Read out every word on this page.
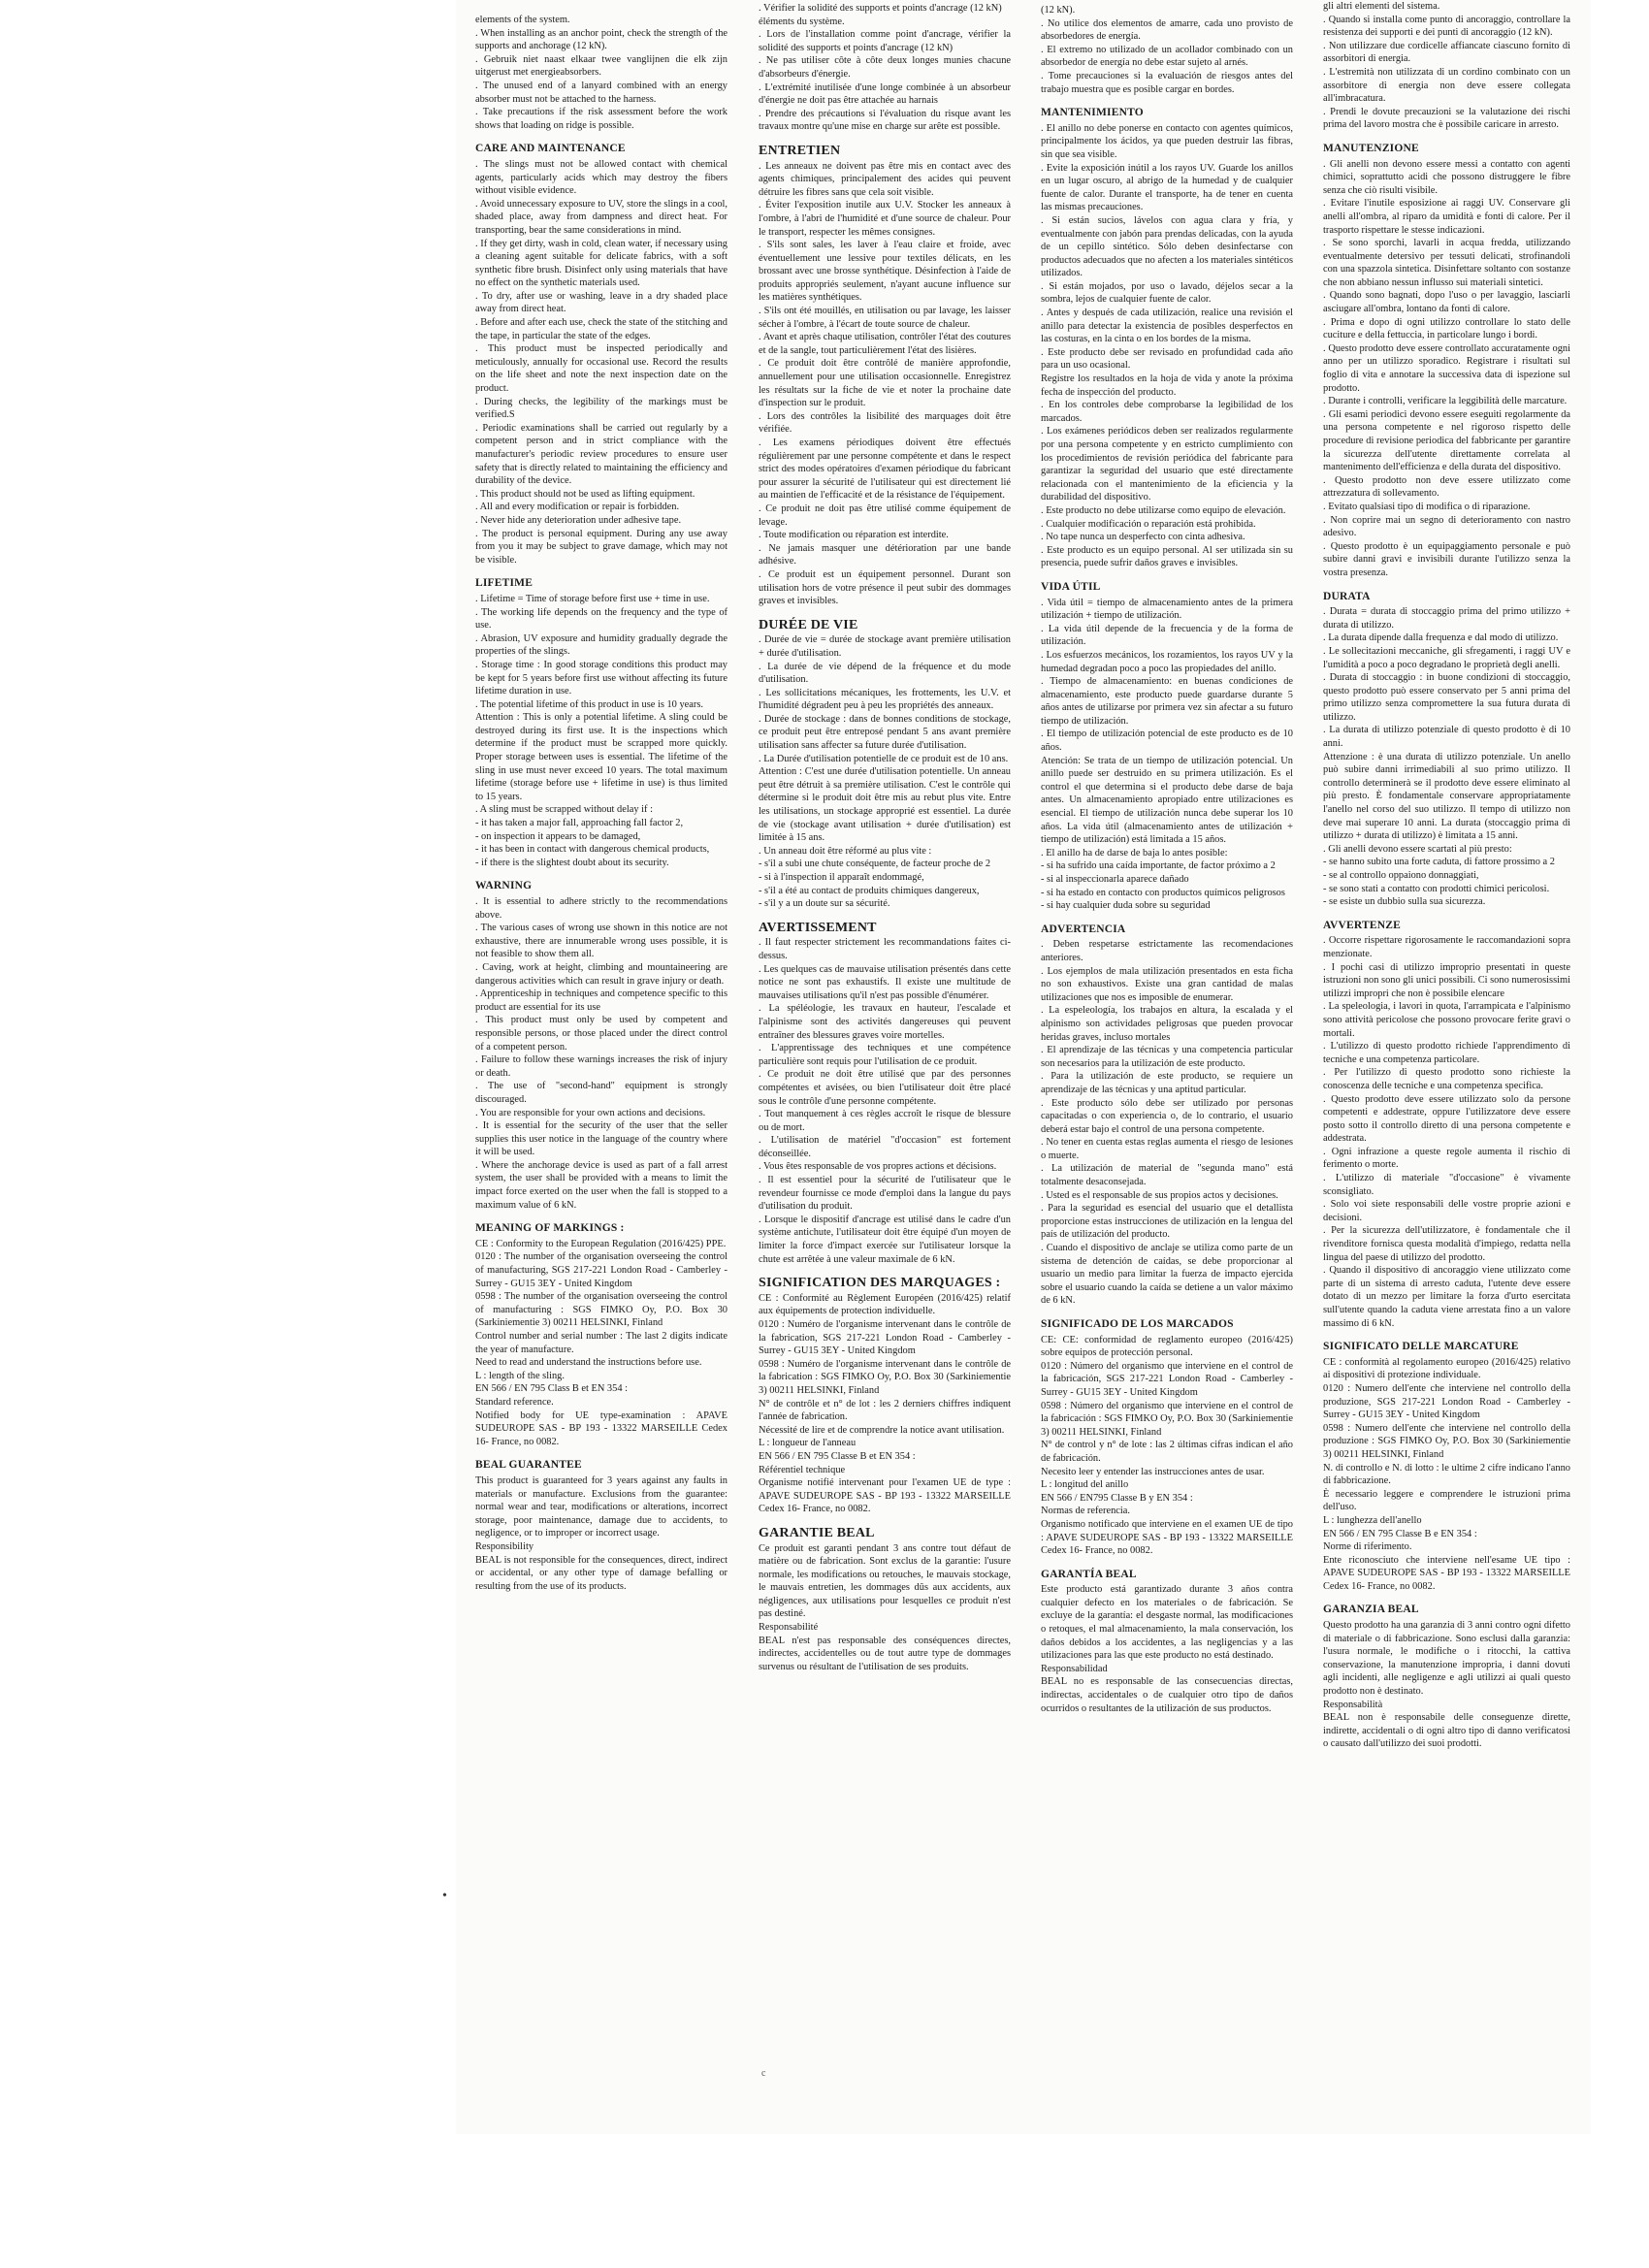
elements of the system.

. When installing as an anchor point, check the strength of the supports and anchorage (12 kN).

. Gebruik niet naast elkaar twee vanglijnen die elk zijn uitgerust met energieabsorbers.

. The unused end of a lanyard combined with an energy absorber must not be attached to the harness.

. Take precautions if the risk assessment before the work shows that loading on ridge is possible.

CARE AND MAINTENANCE

. The slings must not be allowed contact with chemical agents, particularly acids which may destroy the fibers without visible evidence.

. Avoid unnecessary exposure to UV, store the slings in a cool, shaded place, away from dampness and direct heat. For transporting, bear the same considerations in mind.

. If they get dirty, wash in cold, clean water, if necessary using a cleaning agent suitable for delicate fabrics, with a soft synthetic fibre brush. Disinfect only using materials that have no effect on the synthetic materials used.

. To dry, after use or washing, leave in a dry shaded place away from direct heat.

. Before and after each use, check the state of the stitching and the tape, in particular the state of the edges.

. This product must be inspected periodically and meticulously, annually for occasional use. Record the results on the life sheet and note the next inspection date on the product.

. During checks, the legibility of the markings must be verified.S

. Periodic examinations shall be carried out regularly by a competent person and in strict compliance with the manufacturer's periodic review procedures to ensure user safety that is directly related to maintaining the efficiency and durability of the device.

. This product should not be used as lifting equipment.

. All and every modification or repair is forbidden.

. Never hide any deterioration under adhesive tape.

. The product is personal equipment. During any use away from you it may be subject to grave damage, which may not be visible.

LIFETIME

. Lifetime = Time of storage before first use + time in use.

. The working life depends on the frequency and the type of use.

. Abrasion, UV exposure and humidity gradually degrade the properties of the slings.

. Storage time : In good storage conditions this product may be kept for 5 years before first use without affecting its future lifetime duration in use.

. The potential lifetime of this product in use is 10 years.

Attention : This is only a potential lifetime. A sling could be destroyed during its first use. It is the inspections which determine if the product must be scrapped more quickly. Proper storage between uses is essential. The lifetime of the sling in use must never exceed 10 years. The total maximum lifetime (storage before use + lifetime in use) is thus limited to 15 years.

. A sling must be scrapped without delay if :

- it has taken a major fall, approaching fall factor 2,

- on inspection it appears to be damaged,

- it has been in contact with dangerous chemical products,

- if there is the slightest doubt about its security.

WARNING

. It is essential to adhere strictly to the recommendations above.

. The various cases of wrong use shown in this notice are not exhaustive, there are innumerable wrong uses possible, it is not feasible to show them all.

. Caving, work at height, climbing and mountaineering are dangerous activities which can result in grave injury or death.

. Apprenticeship in techniques and competence specific to this product are essential for its use

. This product must only be used by competent and responsible persons, or those placed under the direct control of a competent person.

. Failure to follow these warnings increases the risk of injury or death.

. The use of "second-hand" equipment is strongly discouraged.

. You are responsible for your own actions and decisions.

. It is essential for the security of the user that the seller supplies this user notice in the language of the country where it will be used.

. Where the anchorage device is used as part of a fall arrest system, the user shall be provided with a means to limit the impact force exerted on the user when the fall is stopped to a maximum value of 6 kN.

MEANING OF MARKINGS :

CE : Conformity to the European Regulation (2016/425) PPE.

0120 : The number of the organisation overseeing the control of manufacturing, SGS 217-221 London Road - Camberley - Surrey - GU15 3EY - United Kingdom

0598 : The number of the organisation overseeing the control of manufacturing : SGS FIMKO Oy, P.O. Box 30 (Sarkiniementie 3) 00211 HELSINKI, Finland

Control number and serial number : The last 2 digits indicate the year of manufacture.

Need to read and understand the instructions before use.

L : length of the sling.

EN 566 / EN 795 Class B et EN 354 :

Standard reference.

Notified body for UE type-examination : APAVE SUDEUROPE SAS - BP 193 - 13322 MARSEILLE Cedex 16- France, no 0082.

BEAL GUARANTEE

This product is guaranteed for 3 years against any faults in materials or manufacture. Exclusions from the guarantee: normal wear and tear, modifications or alterations, incorrect storage, poor maintenance, damage due to accidents, to negligence, or to improper or incorrect usage.

Responsibility

BEAL is not responsible for the consequences, direct, indirect or accidental, or any other type of damage befalling or resulting from the use of its products.

. Vérifier la solidité des supports et points d'ancrage (12 kN)

éléments du système.

. Lors de l'installation comme point d'ancrage, vérifier la solidité des supports et points d'ancrage (12 kN)

. Ne pas utiliser côte à côte deux longes munies chacune d'absorbeurs d'énergie.

. L'extrémité inutilisée d'une longe combinée à un absorbeur d'énergie ne doit pas être attachée au harnais

. Prendre des précautions si l'évaluation du risque avant les travaux montre qu'une mise en charge sur arête est possible.

ENTRETIEN

. Les anneaux ne doivent pas être mis en contact avec des agents chimiques, principalement des acides qui peuvent détruire les fibres sans que cela soit visible.

. Éviter l'exposition inutile aux U.V. Stocker les anneaux à l'ombre, à l'abri de l'humidité et d'une source de chaleur. Pour le transport, respecter les mêmes consignes.

. S'ils sont sales, les laver à l'eau claire et froide, avec éventuellement une lessive pour textiles délicats, en les brossant avec une brosse synthétique. Désinfection à l'aide de produits appropriés seulement, n'ayant aucune influence sur les matières synthétiques.

. S'ils ont été mouillés, en utilisation ou par lavage, les laisser sécher à l'ombre, à l'écart de toute source de chaleur.

. Avant et après chaque utilisation, contrôler l'état des coutures et de la sangle, tout particulièrement l'état des lisières.

. Ce produit doit être contrôlé de manière approfondie, annuellement pour une utilisation occasionnelle. Enregistrez les résultats sur la fiche de vie et noter la prochaine date d'inspection sur le produit.

. Lors des contrôles la lisibilité des marquages doit être vérifiée.

. Les examens périodiques doivent être effectués régulièrement par une personne compétente et dans le respect strict des modes opératoires d'examen périodique du fabricant pour assurer la sécurité de l'utilisateur qui est directement lié au maintien de l'efficacité et de la résistance de l'équipement.

. Ce produit ne doit pas être utilisé comme équipement de levage.

. Toute modification ou réparation est interdite.

. Ne jamais masquer une détérioration par une bande adhésive.

. Ce produit est un équipement personnel. Durant son utilisation hors de votre présence il peut subir des dommages graves et invisibles.

DURÉE DE VIE

. Durée de vie = durée de stockage avant première utilisation + durée d'utilisation.

. La durée de vie dépend de la fréquence et du mode d'utilisation.

. Les sollicitations mécaniques, les frottements, les U.V. et l'humidité dégradent peu à peu les propriétés des anneaux.

. Durée de stockage : dans de bonnes conditions de stockage, ce produit peut être entreposé pendant 5 ans avant première utilisation sans affecter sa future durée d'utilisation.

. La Durée d'utilisation potentielle de ce produit est de 10 ans.

Attention : C'est une durée d'utilisation potentielle. Un anneau peut être détruit à sa première utilisation. C'est le contrôle qui détermine si le produit doit être mis au rebut plus vite. Entre les utilisations, un stockage approprié est essentiel. La durée de vie (stockage avant utilisation + durée d'utilisation) est limitée à 15 ans.

. Un anneau doit être réformé au plus vite :

- s'il a subi une chute conséquente, de facteur proche de 2

- si à l'inspection il apparaît endommagé,

- s'il a été au contact de produits chimiques dangereux,

- s'il y a un doute sur sa sécurité.

AVERTISSEMENT

. Il faut respecter strictement les recommandations faites ci-dessus.

. Les quelques cas de mauvaise utilisation présentés dans cette notice ne sont pas exhaustifs. Il existe une multitude de mauvaises utilisations qu'il n'est pas possible d'énumérer.

. La spéléologie, les travaux en hauteur, l'escalade et l'alpinisme sont des activités dangereuses qui peuvent entraîner des blessures graves voire mortelles.

. L'apprentissage des techniques et une compétence particulière sont requis pour l'utilisation de ce produit.

. Ce produit ne doit être utilisé que par des personnes compétentes et avisées, ou bien l'utilisateur doit être placé sous le contrôle d'une personne compétente.

. Tout manquement à ces règles accroît le risque de blessure ou de mort.

. L'utilisation de matériel "d'occasion" est fortement déconseillée.

. Vous êtes responsable de vos propres actions et décisions.

. Il est essentiel pour la sécurité de l'utilisateur que le revendeur fournisse ce mode d'emploi dans la langue du pays d'utilisation du produit.

. Lorsque le dispositif d'ancrage est utilisé dans le cadre d'un système antichute, l'utilisateur doit être équipé d'un moyen de limiter la force d'impact exercée sur l'utilisateur lorsque la chute est arrêtée à une valeur maximale de 6 kN.

SIGNIFICATION DES MARQUAGES :

CE : Conformité au Règlement Européen (2016/425) relatif aux équipements de protection individuelle.

0120 : Numéro de l'organisme intervenant dans le contrôle de la fabrication, SGS 217-221 London Road - Camberley - Surrey - GU15 3EY - United Kingdom

0598 : Numéro de l'organisme intervenant dans le contrôle de la fabrication : SGS FIMKO Oy, P.O. Box 30 (Sarkiniementie 3) 00211 HELSINKI, Finland

N° de contrôle et n° de lot : les 2 derniers chiffres indiquent l'année de fabrication.

Nécessité de lire et de comprendre la notice avant utilisation.

L : longueur de l'anneau

EN 566 / EN 795 Classe B et EN 354 :

Référentiel technique

Organisme notifié intervenant pour l'examen UE de type : APAVE SUDEUROPE SAS - BP 193 - 13322 MARSEILLE Cedex 16- France, no 0082.

GARANTIE BEAL

Ce produit est garanti pendant 3 ans contre tout défaut de matière ou de fabrication. Sont exclus de la garantie: l'usure normale, les modifications ou retouches, le mauvais stockage, le mauvais entretien, les dommages dûs aux accidents, aux négligences, aux utilisations pour lesquelles ce produit n'est pas destiné.

Responsabilité

BEAL n'est pas responsable des conséquences directes, indirectes, accidentelles ou de tout autre type de dommages survenus ou résultant de l'utilisation de ses produits.

(12 kN).

. No utilice dos elementos de amarre, cada uno provisto de absorbedores de energía.

. El extremo no utilizado de un acollador combinado con un absorbedor de energía no debe estar sujeto al arnés.

. Tome precauciones si la evaluación de riesgos antes del trabajo muestra que es posible cargar en bordes.

MANTENIMIENTO

. El anillo no debe ponerse en contacto con agentes químicos, principalmente los ácidos, ya que pueden destruir las fibras, sin que sea visible.

. Evite la exposición inútil a los rayos UV. Guarde los anillos en un lugar oscuro, al abrigo de la humedad y de cualquier fuente de calor. Durante el transporte, ha de tener en cuenta las mismas precauciones.

. Si están sucios, lávelos con agua clara y fría, y eventualmente con jabón para prendas delicadas, con la ayuda de un cepillo sintético. Sólo deben desinfectarse con productos adecuados que no afecten a los materiales sintéticos utilizados.

. Si están mojados, por uso o lavado, déjelos secar a la sombra, lejos de cualquier fuente de calor.

. Antes y después de cada utilización, realice una revisión el anillo para detectar la existencia de posibles desperfectos en las costuras, en la cinta o en los bordes de la misma.

. Este producto debe ser revisado en profundidad cada año para un uso ocasional.

Registre los resultados en la hoja de vida y anote la próxima fecha de inspección del producto.

. En los controles debe comprobarse la legibilidad de los marcados.

. Los exámenes periódicos deben ser realizados regularmente por una persona competente y en estricto cumplimiento con los procedimientos de revisión periódica del fabricante para garantizar la seguridad del usuario que esté directamente relacionada con el mantenimiento de la eficiencia y la durabilidad del dispositivo.

. Este producto no debe utilizarse como equipo de elevación.

. Cualquier modificación o reparación está prohibida.

. No tape nunca un desperfecto con cinta adhesiva.

. Este producto es un equipo personal. Al ser utilizada sin su presencia, puede sufrir daños graves e invisibles.

VIDA ÚTIL

. Vida útil = tiempo de almacenamiento antes de la primera utilización + tiempo de utilización.

. La vida útil depende de la frecuencia y de la forma de utilización.

. Los esfuerzos mecánicos, los rozamientos, los rayos UV y la humedad degradan poco a poco las propiedades del anillo.

. Tiempo de almacenamiento: en buenas condiciones de almacenamiento, este producto puede guardarse durante 5 años antes de utilizarse por primera vez sin afectar a su futuro tiempo de utilización.

. El tiempo de utilización potencial de este producto es de 10 años.

Atención: Se trata de un tiempo de utilización potencial. Un anillo puede ser destruido en su primera utilización. Es el control el que determina si el producto debe darse de baja antes. Un almacenamiento apropiado entre utilizaciones es esencial. El tiempo de utilización nunca debe superar los 10 años. La vida útil (almacenamiento antes de utilización + tiempo de utilización) está limitada a 15 años.

. El anillo ha de darse de baja lo antes posible:

- si ha sufrido una caída importante, de factor próximo a 2

- si al inspeccionarla aparece dañado

- si ha estado en contacto con productos químicos peligrosos

- si hay cualquier duda sobre su seguridad

ADVERTENCIA

. Deben respetarse estrictamente las recomendaciones anteriores.

. Los ejemplos de mala utilización presentados en esta ficha no son exhaustivos. Existe una gran cantidad de malas utilizaciones que nos es imposible de enumerar.

. La espeleología, los trabajos en altura, la escalada y el alpinismo son actividades peligrosas que pueden provocar heridas graves, incluso mortales

. El aprendizaje de las técnicas y una competencia particular son necesarios para la utilización de este producto.

. Para la utilización de este producto, se requiere un aprendizaje de las técnicas y una aptitud particular.

. Este producto sólo debe ser utilizado por personas capacitadas o con experiencia o, de lo contrario, el usuario deberá estar bajo el control de una persona competente.

. No tener en cuenta estas reglas aumenta el riesgo de lesiones o muerte.

. La utilización de material de "segunda mano" está totalmente desaconsejada.

. Usted es el responsable de sus propios actos y decisiones.

. Para la seguridad es esencial del usuario que el detallista proporcione estas instrucciones de utilización en la lengua del país de utilización del producto.

. Cuando el dispositivo de anclaje se utiliza como parte de un sistema de detención de caídas, se debe proporcionar al usuario un medio para limitar la fuerza de impacto ejercida sobre el usuario cuando la caída se detiene a un valor máximo de 6 kN.

SIGNIFICADO DE LOS MARCADOS

CE: CE: conformidad de reglamento europeo (2016/425) sobre equipos de protección personal.

0120 : Número del organismo que interviene en el control de la fabricación, SGS 217-221 London Road - Camberley - Surrey - GU15 3EY - United Kingdom

0598 : Número del organismo que interviene en el control de la fabricación : SGS FIMKO Oy, P.O. Box 30 (Sarkiniementie 3) 00211 HELSINKI, Finland

N° de control y n° de lote : las 2 últimas cifras indican el año de fabricación.

Necesito leer y entender las instrucciones antes de usar.

L : longitud del anillo

EN 566 / EN795 Classe B y EN 354 :

Normas de referencia.

Organismo notificado que interviene en el examen UE de tipo : APAVE SUDEUROPE SAS - BP 193 - 13322 MARSEILLE Cedex 16- France, no 0082.

GARANTÍA BEAL

Este producto está garantizado durante 3 años contra cualquier defecto en los materiales o de fabricación. Se excluye de la garantía: el desgaste normal, las modificaciones o retoques, el mal almacenamiento, la mala conservación, los daños debidos a los accidentes, a las negligencias y a las utilizaciones para las que este producto no está destinado.

Responsabilidad

BEAL no es responsable de las consecuencias directas, indirectas, accidentales o de cualquier otro tipo de daños ocurridos o resultantes de la utilización de sus productos.

gli altri elementi del sistema.

. Quando si installa come punto di ancoraggio, controllare la resistenza dei supporti e dei punti di ancoraggio (12 kN).

. Non utilizzare due cordicelle affiancate ciascuno fornito di assorbitori di energia.

. L'estremità non utilizzata di un cordino combinato con un assorbitore di energia non deve essere collegata all'imbracatura.

. Prendi le dovute precauzioni se la valutazione dei rischi prima del lavoro mostra che è possibile caricare in arresto.

MANUTENZIONE

. Gli anelli non devono essere messi a contatto con agenti chimici, soprattutto acidi che possono distruggere le fibre senza che ciò risulti visibile.

. Evitare l'inutile esposizione ai raggi UV. Conservare gli anelli all'ombra, al riparo da umidità e fonti di calore. Per il trasporto rispettare le stesse indicazioni.

. Se sono sporchi, lavarli in acqua fredda, utilizzando eventualmente detersivo per tessuti delicati, strofinandoli con una spazzola sintetica. Disinfettare soltanto con sostanze che non abbiano nessun influsso sui materiali sintetici.

. Quando sono bagnati, dopo l'uso o per lavaggio, lasciarli asciugare all'ombra, lontano da fonti di calore.

. Prima e dopo di ogni utilizzo controllare lo stato delle cuciture e della fettuccia, in particolare lungo i bordi.

. Questo prodotto deve essere controllato accuratamente ogni anno per un utilizzo sporadico. Registrare i risultati sul foglio di vita e annotare la successiva data di ispezione sul prodotto.

. Durante i controlli, verificare la leggibilità delle marcature.

. Gli esami periodici devono essere eseguiti regolarmente da una persona competente e nel rigoroso rispetto delle procedure di revisione periodica del fabbricante per garantire la sicurezza dell'utente direttamente correlata al mantenimento dell'efficienza e della durata del dispositivo.

. Questo prodotto non deve essere utilizzato come attrezzatura di sollevamento.

. Evitato qualsiasi tipo di modifica o di riparazione.

. Non coprire mai un segno di deterioramento con nastro adesivo.

. Questo prodotto è un equipaggiamento personale e può subire danni gravi e invisibili durante l'utilizzo senza la vostra presenza.

DURATA

. Durata = durata di stoccaggio prima del primo utilizzo + durata di utilizzo.

. La durata dipende dalla frequenza e dal modo di utilizzo.

. Le sollecitazioni meccaniche, gli sfregamenti, i raggi UV e l'umidità a poco a poco degradano le proprietà degli anelli.

. Durata di stoccaggio : in buone condizioni di stoccaggio, questo prodotto può essere conservato per 5 anni prima del primo utilizzo senza compromettere la sua futura durata di utilizzo.

. La durata di utilizzo potenziale di questo prodotto è di 10 anni.

Attenzione : è una durata di utilizzo potenziale. Un anello può subire danni irrimediabili al suo primo utilizzo. Il controllo determinerà se il prodotto deve essere eliminato al più presto. È fondamentale conservare appropriatamente l'anello nel corso del suo utilizzo. Il tempo di utilizzo non deve mai superare 10 anni. La durata (stoccaggio prima di utilizzo + durata di utilizzo) è limitata a 15 anni.

. Gli anelli devono essere scartati al più presto:

- se hanno subito una forte caduta, di fattore prossimo a 2

- se al controllo oppaiono donnaggiati,

- se sono stati a contatto con prodotti chimici pericolosi.

- se esiste un dubbio sulla sua sicurezza.

AVVERTENZE

. Occorre rispettare rigorosamente le raccomandazioni sopra menzionate.

. I pochi casi di utilizzo improprio presentati in queste istruzioni non sono gli unici possibili. Ci sono numerosissimi utilizzi impropri che non è possibile elencare

. La speleologia, i lavori in quota, l'arrampicata e l'alpinismo sono attività pericolose che possono provocare ferite gravi o mortali.

. L'utilizzo di questo prodotto richiede l'apprendimento di tecniche e una competenza particolare.

. Per l'utilizzo di questo prodotto sono richieste la conoscenza delle tecniche e una competenza specifica.

. Questo prodotto deve essere utilizzato solo da persone competenti e addestrate, oppure l'utilizzatore deve essere posto sotto il controllo diretto di una persona competente e addestrata.

. Ogni infrazione a queste regole aumenta il rischio di ferimento o morte.

. L'utilizzo di materiale "d'occasione" è vivamente sconsigliato.

. Solo voi siete responsabili delle vostre proprie azioni e decisioni.

. Per la sicurezza dell'utilizzatore, è fondamentale che il rivenditore fornisca questa modalità d'impiego, redatta nella lingua del paese di utilizzo del prodotto.

. Quando il dispositivo di ancoraggio viene utilizzato come parte di un sistema di arresto caduta, l'utente deve essere dotato di un mezzo per limitare la forza d'urto esercitata sull'utente quando la caduta viene arrestata fino a un valore massimo di 6 kN.

SIGNIFICATO DELLE MARCATURE

CE : conformità al regolamento europeo (2016/425) relativo ai dispositivi di protezione individuale.

0120 : Numero dell'ente che interviene nel controllo della produzione, SGS 217-221 London Road - Camberley - Surrey - GU15 3EY - United Kingdom

0598 : Numero dell'ente che interviene nel controllo della produzione : SGS FIMKO Oy, P.O. Box 30 (Sarkiniementie 3) 00211 HELSINKI, Finland

N. di controllo e N. di lotto : le ultime 2 cifre indicano l'anno di fabbricazione.

È necessario leggere e comprendere le istruzioni prima dell'uso.

L : lunghezza dell'anello

EN 566 / EN 795 Classe B e EN 354 :

Norme di riferimento.

Ente riconosciuto che interviene nell'esame UE tipo : APAVE SUDEUROPE SAS - BP 193 - 13322 MARSEILLE Cedex 16- France, no 0082.

GARANZIA BEAL

Questo prodotto ha una garanzia di 3 anni contro ogni difetto di materiale o di fabbricazione. Sono esclusi dalla garanzia: l'usura normale, le modifiche o i ritocchi, la cattiva conservazione, la manutenzione impropria, i danni dovuti agli incidenti, alle negligenze e agli utilizzi ai quali questo prodotto non è destinato.

Responsabilità

BEAL non è responsabile delle conseguenze dirette, indirette, accidentali o di ogni altro tipo di danno verificatosi o causato dall'utilizzo dei suoi prodotti.

•
c
